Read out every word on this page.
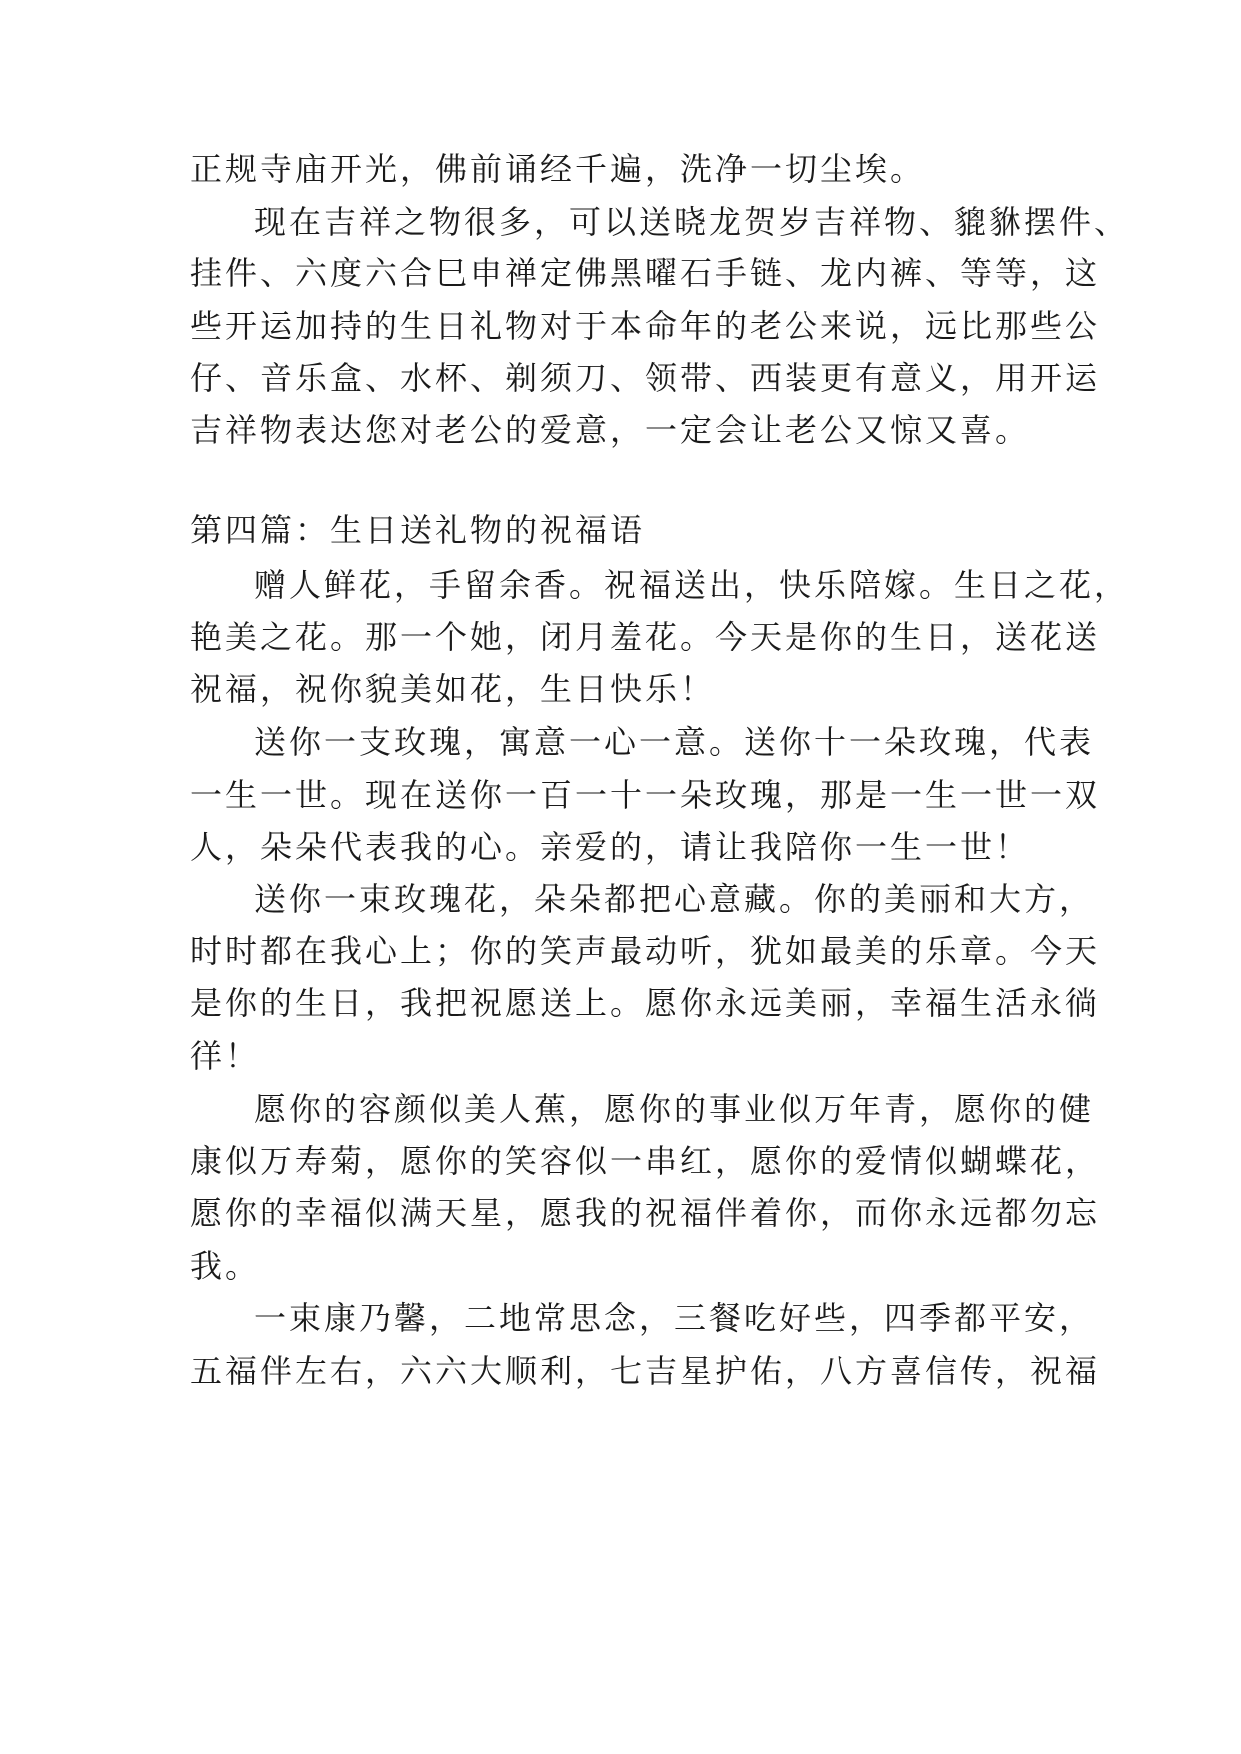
正规寺庙开光，佛前诵经千遍，洗净一切尘埃。
现在吉祥之物很多，可以送晓龙贺岁吉祥物、貔貅摆件、
挂件、六度六合巳申禅定佛黑曜石手链、龙内裤、等等，这
些开运加持的生日礼物对于本命年的老公来说，远比那些公
仔、音乐盒、水杯、剃须刀、领带、西装更有意义，用开运
吉祥物表达您对老公的爱意，一定会让老公又惊又喜。
第四篇：生日送礼物的祝福语
赠人鲜花，手留余香。祝福送出，快乐陪嫁。生日之花，
艳美之花。那一个她，闭月羞花。今天是你的生日，送花送
祝福，祝你貌美如花，生日快乐！
送你一支玫瑰，寓意一心一意。送你十一朵玫瑰，代表
一生一世。现在送你一百一十一朵玫瑰，那是一生一世一双
人，朵朵代表我的心。亲爱的，请让我陪你一生一世！
送你一束玫瑰花，朵朵都把心意藏。你的美丽和大方，
时时都在我心上；你的笑声最动听，犹如最美的乐章。今天
是你的生日，我把祝愿送上。愿你永远美丽，幸福生活永徜
徉！
愿你的容颜似美人蕉，愿你的事业似万年青，愿你的健
康似万寿菊，愿你的笑容似一串红，愿你的爱情似蝴蝶花，
愿你的幸福似满天星，愿我的祝福伴着你，而你永远都勿忘
我。
一束康乃馨，二地常思念，三餐吃好些，四季都平安，
五福伴左右，六六大顺利，七吉星护佑，八方喜信传，祝福
